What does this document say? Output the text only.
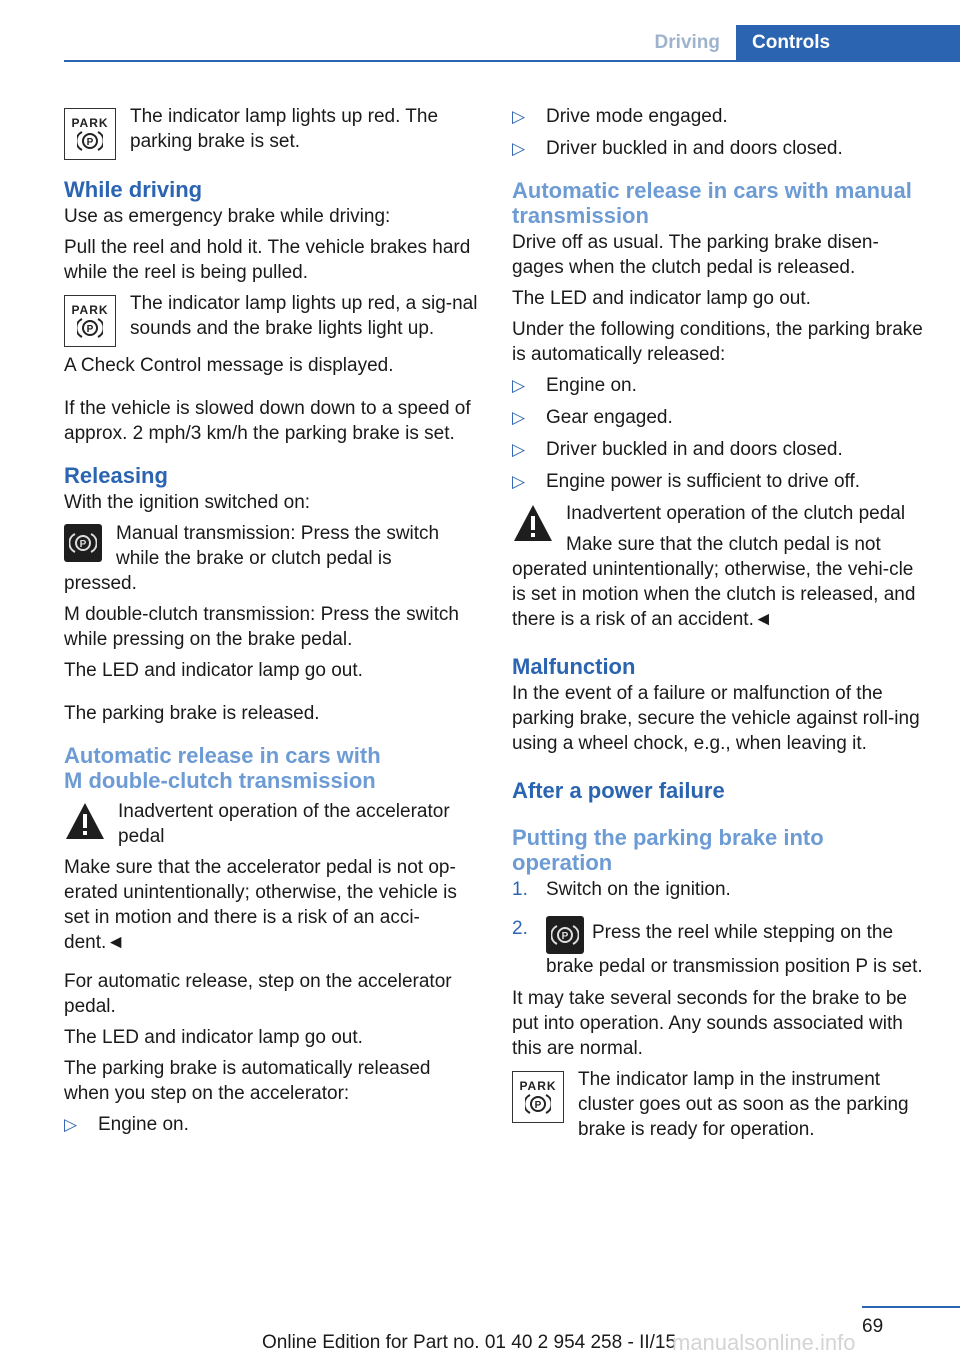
Driving	Controls
PARK
P
The indicator lamp lights up red. The parking brake is set.
While driving

Use as emergency brake while driving:

Pull the reel and hold it. The vehicle brakes hard while the reel is being pulled.

PARK
P
The indicator lamp lights up red, a sig‐nal sounds and the brake lights light up.

A Check Control message is displayed.

If the vehicle is slowed down down to a speed of approx. 2 mph/3 km/h the parking brake is set.

Releasing

With the ignition switched on:

P
Manual transmission: Press the switch while the brake or clutch pedal is

pressed.

M double-clutch transmission: Press the switch while pressing on the brake pedal.

The LED and indicator lamp go out.

The parking brake is released.

Automatic release in cars with
M double-clutch transmission
Inadvertent operation of the accelerator pedal

Make sure that the accelerator pedal is not op‐erated unintentionally; otherwise, the vehicle is set in motion and there is a risk of an acci‐dent.◄

For automatic release, step on the accelerator pedal.

The LED and indicator lamp go out.

The parking brake is automatically released when you step on the accelerator:

▷ Engine on.
▷ Drive mode engaged.
▷ Driver buckled in and doors closed.
Automatic release in cars with manual transmission

Drive off as usual. The parking brake disen‐gages when the clutch pedal is released.

The LED and indicator lamp go out.

Under the following conditions, the parking brake is automatically released:

▷ Engine on.
▷ Gear engaged.
▷ Driver buckled in and doors closed.
▷ Engine power is sufficient to drive off.
Inadvertent operation of the clutch pedal
Make sure that the clutch pedal is not
operated unintentionally; otherwise, the vehi‐cle is set in motion when the clutch is released, and there is a risk of an accident.◄
Malfunction

In the event of a failure or malfunction of the parking brake, secure the vehicle against roll‐ing using a wheel chock, e.g., when leaving it.

After a power failure
Putting the parking brake into operation
1. Switch on the ignition.
2.	P Press the reel while stepping on the brake pedal or transmission position P is set.

It may take several seconds for the brake to be put into operation. Any sounds associated with this are normal.

PARK
P
The indicator lamp in the instrument cluster goes out as soon as the parking brake is ready for operation.
69
Online Edition for Part no. 01 40 2 954 258 - II/15
manualsonline.info
